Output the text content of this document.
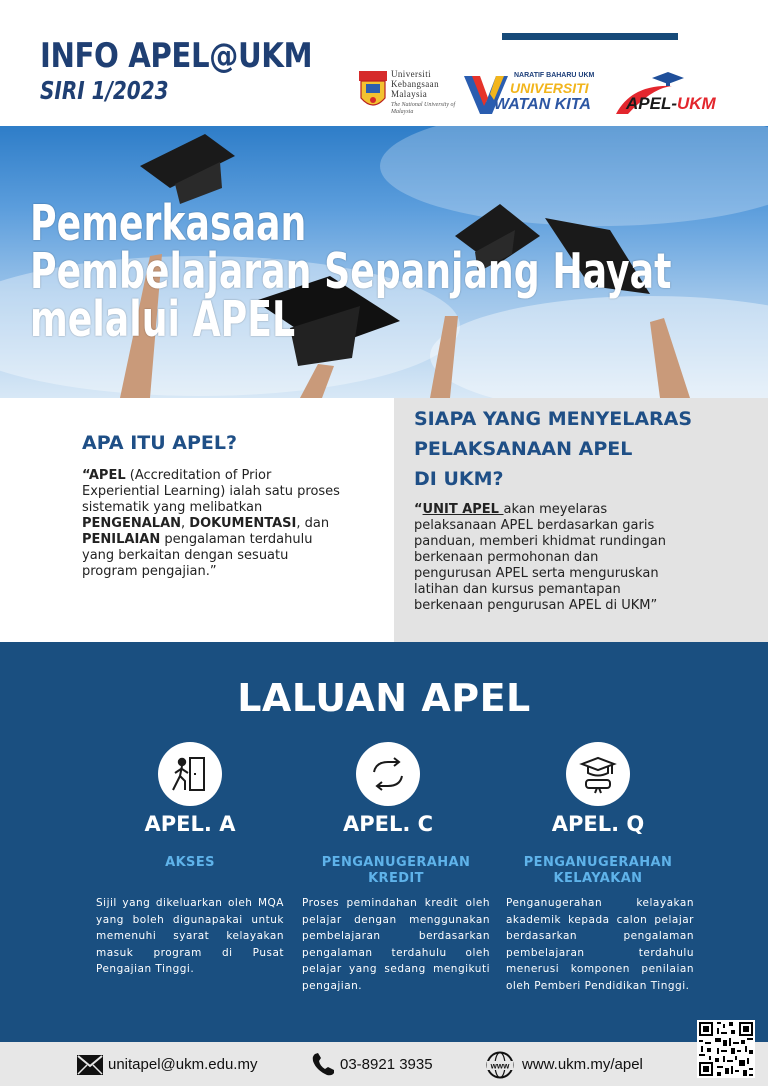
INFO APEL@UKM
SIRI 1/2023
Universiti
Kebangsaan
Malaysia
The National University of Malaysia
NARATIF BAHARU UKM
UNIVERSITI
WATAN KITA APEL-UKM
Pemerkasaan
Pembelajaran Sepanjang Hayat
melalui APEL
APA ITU APEL?
“APEL (Accreditation of Prior Experiential Learning) ialah satu proses sistematik yang melibatkan PENGENALAN, DOKUMENTASI, dan PENILAIAN pengalaman terdahulu yang berkaitan dengan sesuatu program pengajian.”
SIAPA YANG MENYELARAS
PELAKSANAAN APEL
DI UKM?
“UNIT APEL akan meyelaras pelaksanaan APEL berdasarkan garis panduan, memberi khidmat rundingan berkenaan permohonan dan pengurusan APEL serta menguruskan latihan dan kursus pemantapan berkenaan pengurusan APEL di UKM”
LALUAN APEL
APEL. A
AKSES
Sijil yang dikeluarkan oleh MQA yang boleh digunapakai untuk memenuhi syarat kelayakan masuk program di Pusat Pengajian Tinggi.
APEL. C
PENGANUGERAHAN KREDIT
Proses pemindahan kredit oleh pelajar dengan menggunakan pembelajaran berdasarkan pengalaman terdahulu oleh pelajar yang sedang mengikuti pengajian.
APEL. Q
PENGANUGERAHAN KELAYAKAN
Penganugerahan kelayakan akademik kepada calon pelajar berdasarkan pengalaman pembelajaran terdahulu menerusi komponen penilaian oleh Pemberi Pendidikan Tinggi.
unitapel@ukm.edu.my	03-8921 3935	www www.ukm.my/apel
